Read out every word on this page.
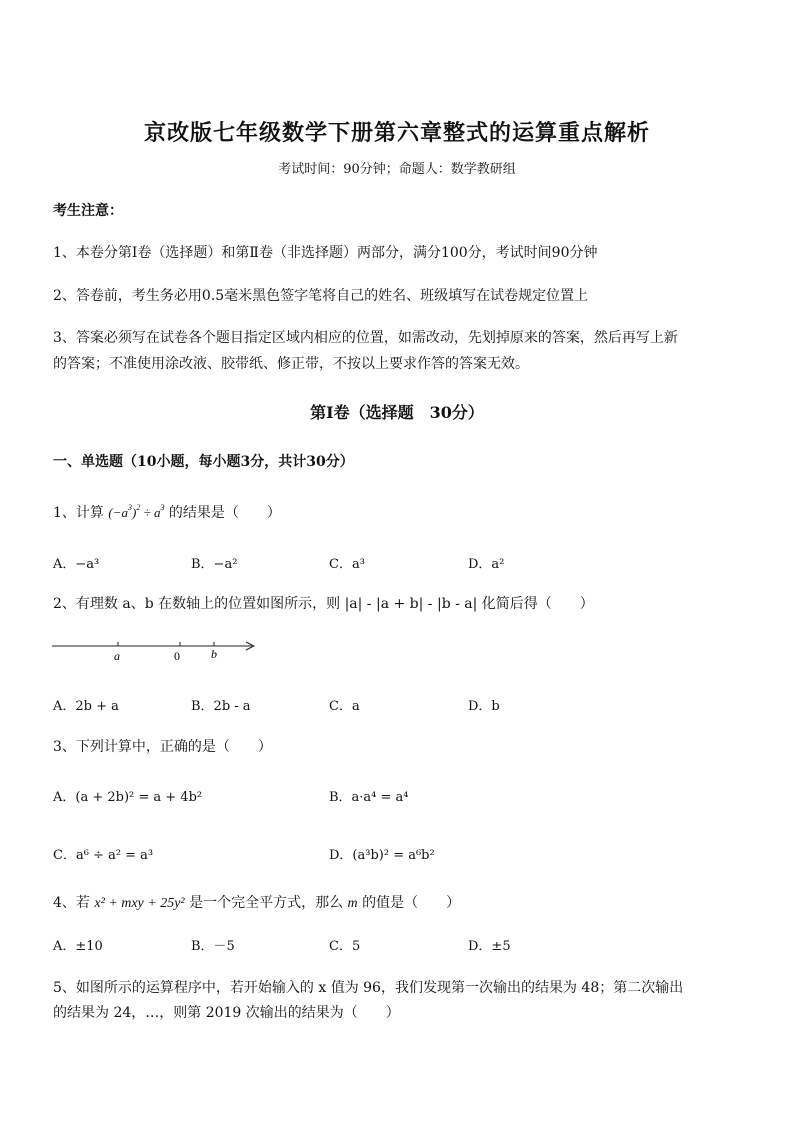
京改版七年级数学下册第六章整式的运算重点解析
考试时间：90分钟；命题人：数学教研组
考生注意：
1、本卷分第Ⅰ卷（选择题）和第Ⅱ卷（非选择题）两部分，满分100分，考试时间90分钟
2、答卷前，考生务必用0.5毫米黑色签字笔将自己的姓名、班级填写在试卷规定位置上
3、答案必须写在试卷各个题目指定区域内相应的位置，如需改动，先划掉原来的答案，然后再写上新
的答案；不准使用涂改液、胶带纸、修正带，不按以上要求作答的答案无效。
第Ⅰ卷（选择题　30分）
一、单选题（10小题，每小题3分，共计30分）
1、计算 $(-a^3)^2 \div a^3$ 的结果是（　　）
A．−a³	B．−a²	C．a³	D．a²
2、有理数 a、b 在数轴上的位置如图所示，则 |a| - |a + b| - |b - a| 化简后得（　　）
a	0	b
A．2b + a	B．2b - a	C．a	D．b
3、下列计算中，正确的是（　　）
A．(a + 2b)² = a + 4b²	B．a·a⁴ = a⁴
C．a⁶ ÷ a² = a³	D．(a³b)² = a⁶b²
4、若 x² + mxy + 25y² 是一个完全平方式，那么 m 的值是（　　）
A．±10	B．－5	C．5	D．±5
5、如图所示的运算程序中，若开始输入的 x 值为 96，我们发现第一次输出的结果为 48；第二次输出
的结果为 24，…，则第 2019 次输出的结果为（　　）
